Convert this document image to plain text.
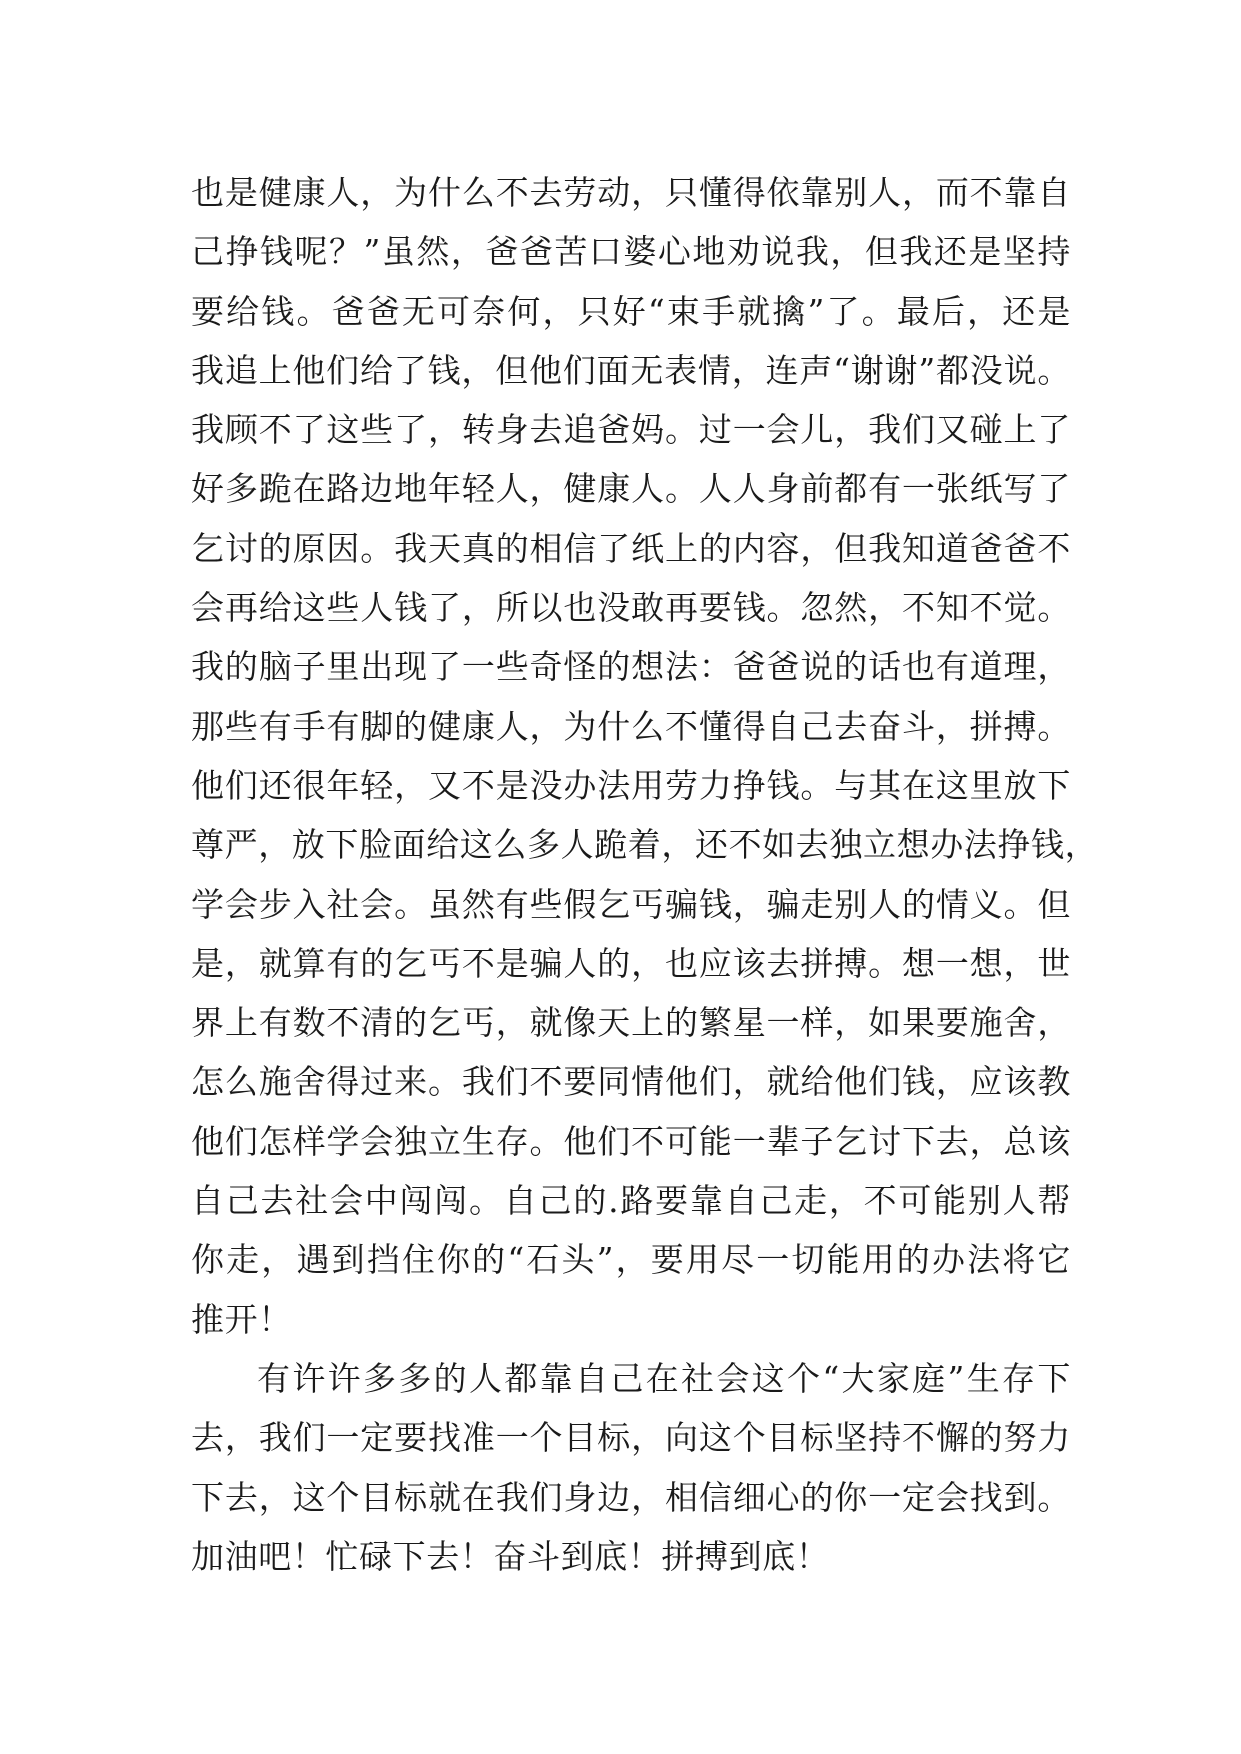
也是健康人，为什么不去劳动，只懂得依靠别人，而不靠自
己挣钱呢？”虽然，爸爸苦口婆心地劝说我，但我还是坚持
要给钱。爸爸无可奈何，只好“束手就擒”了。最后，还是
我追上他们给了钱，但他们面无表情，连声“谢谢”都没说。
我顾不了这些了，转身去追爸妈。过一会儿，我们又碰上了
好多跪在路边地年轻人，健康人。人人身前都有一张纸写了
乞讨的原因。我天真的相信了纸上的内容，但我知道爸爸不
会再给这些人钱了，所以也没敢再要钱。忽然，不知不觉。
我的脑子里出现了一些奇怪的想法：爸爸说的话也有道理，
那些有手有脚的健康人，为什么不懂得自己去奋斗，拼搏。
他们还很年轻，又不是没办法用劳力挣钱。与其在这里放下
尊严，放下脸面给这么多人跪着，还不如去独立想办法挣钱，
学会步入社会。虽然有些假乞丐骗钱，骗走别人的情义。但
是，就算有的乞丐不是骗人的，也应该去拼搏。想一想，世
界上有数不清的乞丐，就像天上的繁星一样，如果要施舍，
怎么施舍得过来。我们不要同情他们，就给他们钱，应该教
他们怎样学会独立生存。他们不可能一辈子乞讨下去，总该
自己去社会中闯闯。自己的.路要靠自己走，不可能别人帮
你走，遇到挡住你的“石头”，要用尽一切能用的办法将它
推开！
有许许多多的人都靠自己在社会这个“大家庭”生存下
去，我们一定要找准一个目标，向这个目标坚持不懈的努力
下去，这个目标就在我们身边，相信细心的你一定会找到。
加油吧！忙碌下去！奋斗到底！拼搏到底！
